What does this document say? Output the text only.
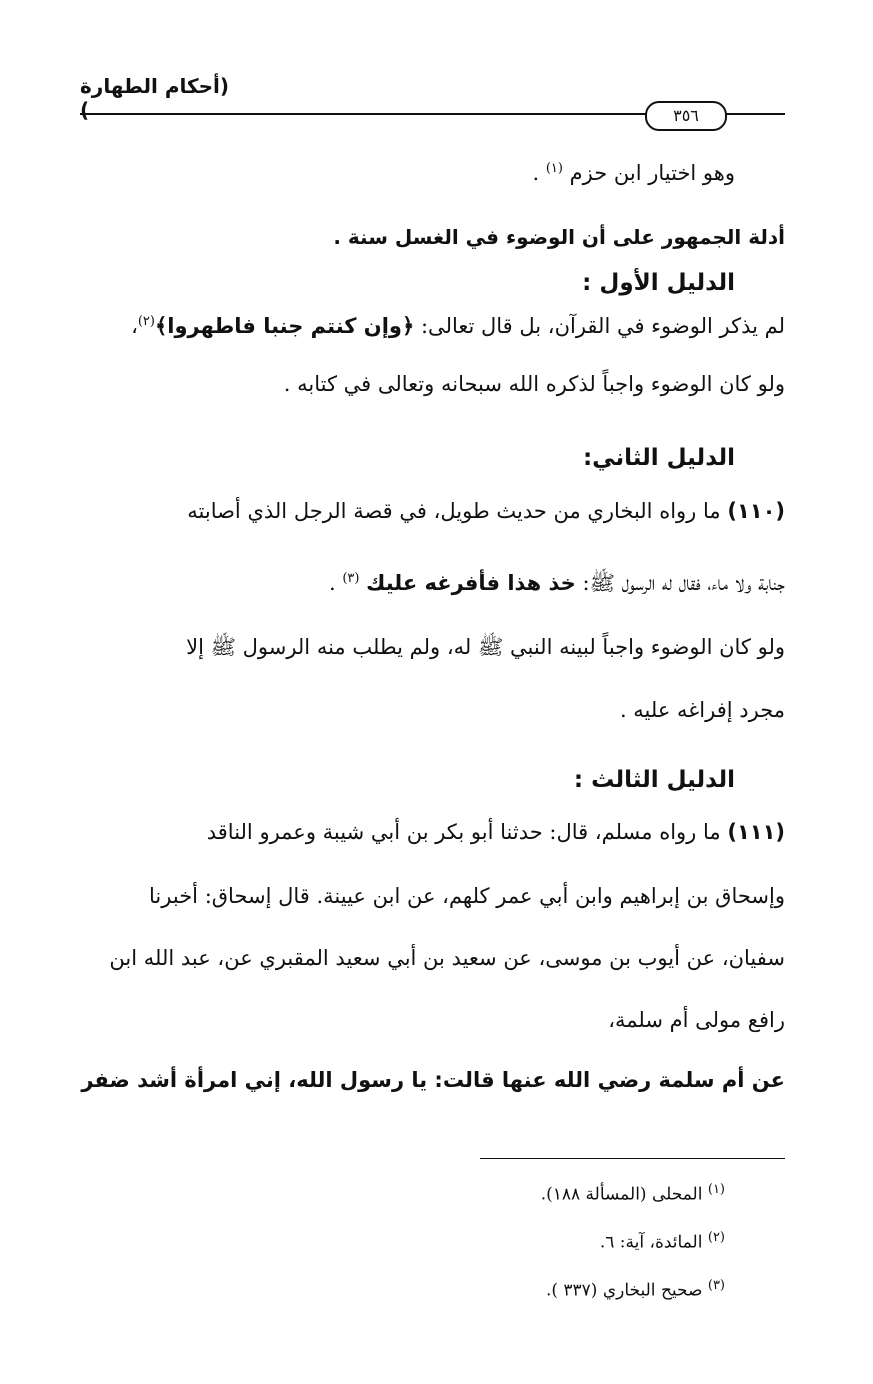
(أحكام الطهارة )	٣٥٦
وهو اختيار ابن حزم $^{(١)}$ .
أدلة الجمهور على أن الوضوء في الغسل سنة .
الدليل الأول :
لم يذكر الوضوء في القرآن، بل قال تعالى: ﴿وإن كنتم جنبا فاطهروا﴾$^{(٢)}$،
ولو كان الوضوء واجباً لذكره الله سبحانه وتعالى في كتابه .
الدليل الثاني:
(١١٠) ما رواه البخاري من حديث طويل، في قصة الرجل الذي أصابته
جنابة ولا ماء، فقال له الرسول ﷺ: خذ هذا فأفرغه عليك $^{(٣)}$ .
ولو كان الوضوء واجباً لبينه النبي ﷺ له، ولم يطلب منه الرسول ﷺ إلا
مجرد إفراغه عليه .
الدليل الثالث :
(١١١) ما رواه مسلم، قال: حدثنا أبو بكر بن أبي شيبة وعمرو الناقد
وإسحاق بن إبراهيم وابن أبي عمر كلهم، عن ابن عيينة. قال إسحاق: أخبرنا
سفيان، عن أيوب بن موسى، عن سعيد بن أبي سعيد المقبري عن، عبد الله ابن
رافع مولى أم سلمة،
عن أم سلمة رضي الله عنها قالت: يا رسول الله، إني امرأة أشد ضفر
$^{(١)}$ المحلى (المسألة ١٨٨).
$^{(٢)}$ المائدة، آية: ٦.
$^{(٣)}$ صحيح البخاري (٣٣٧ ).
